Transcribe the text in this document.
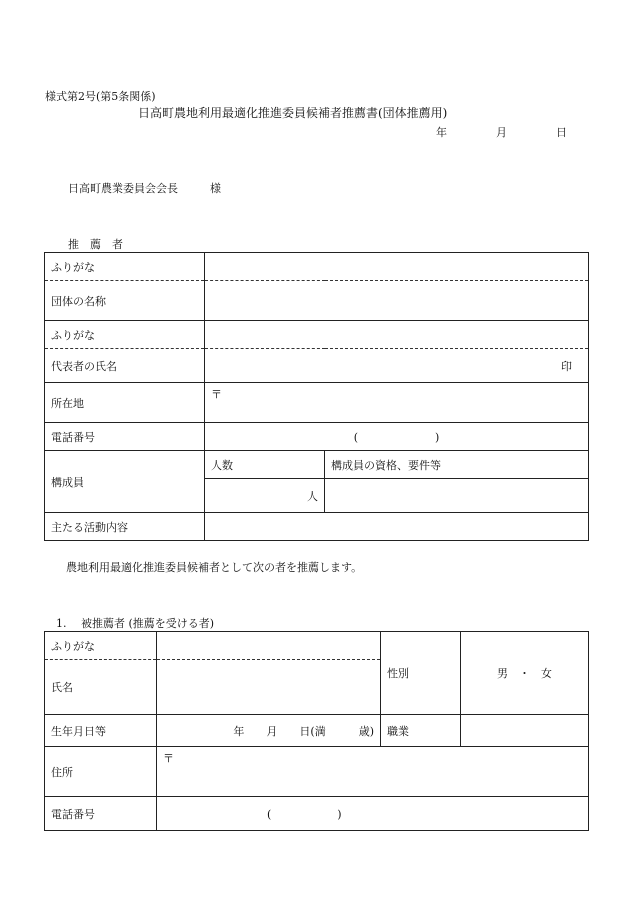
様式第2号(第5条関係)
日高町農地利用最適化推進委員候補者推薦書(団体推薦用)
年	月	日
日高町農業委員会会長	様
推　薦　者
ふりがな		
団体の名称		
ふりがな		
代表者の氏名	印	
所在地	〒	
電話番号	(　　　　　　　)	
構成員	人数	構成員の資格、要件等
	人	
主たる活動内容		
農地利用最適化推進委員候補者として次の者を推薦します。
1.　 被推薦者 (推薦を受ける者)
ふりがな		性別	男　・　女
氏名			
生年月日等	年　　月　　日(満　　　歳)	職業	
住所	〒		
電話番号	(　　　　　　)		
